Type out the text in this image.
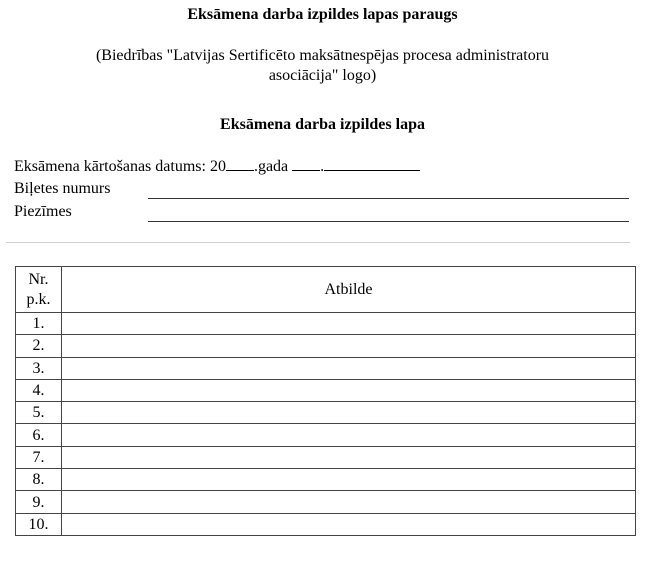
Eksāmena darba izpildes lapas paraugs
(Biedrības "Latvijas Sertificēto maksātnespējas procesa administratoru
asociācija" logo)
Eksāmena darba izpildes lapa
Eksāmena kārtošanas datums: 20 .gada .
Biļetes numurs
Piezīmes
Nr.
p.k.	Atbilde
1.	
2.	
3.	
4.	
5.	
6.	
7.	
8.	
9.	
10.	
